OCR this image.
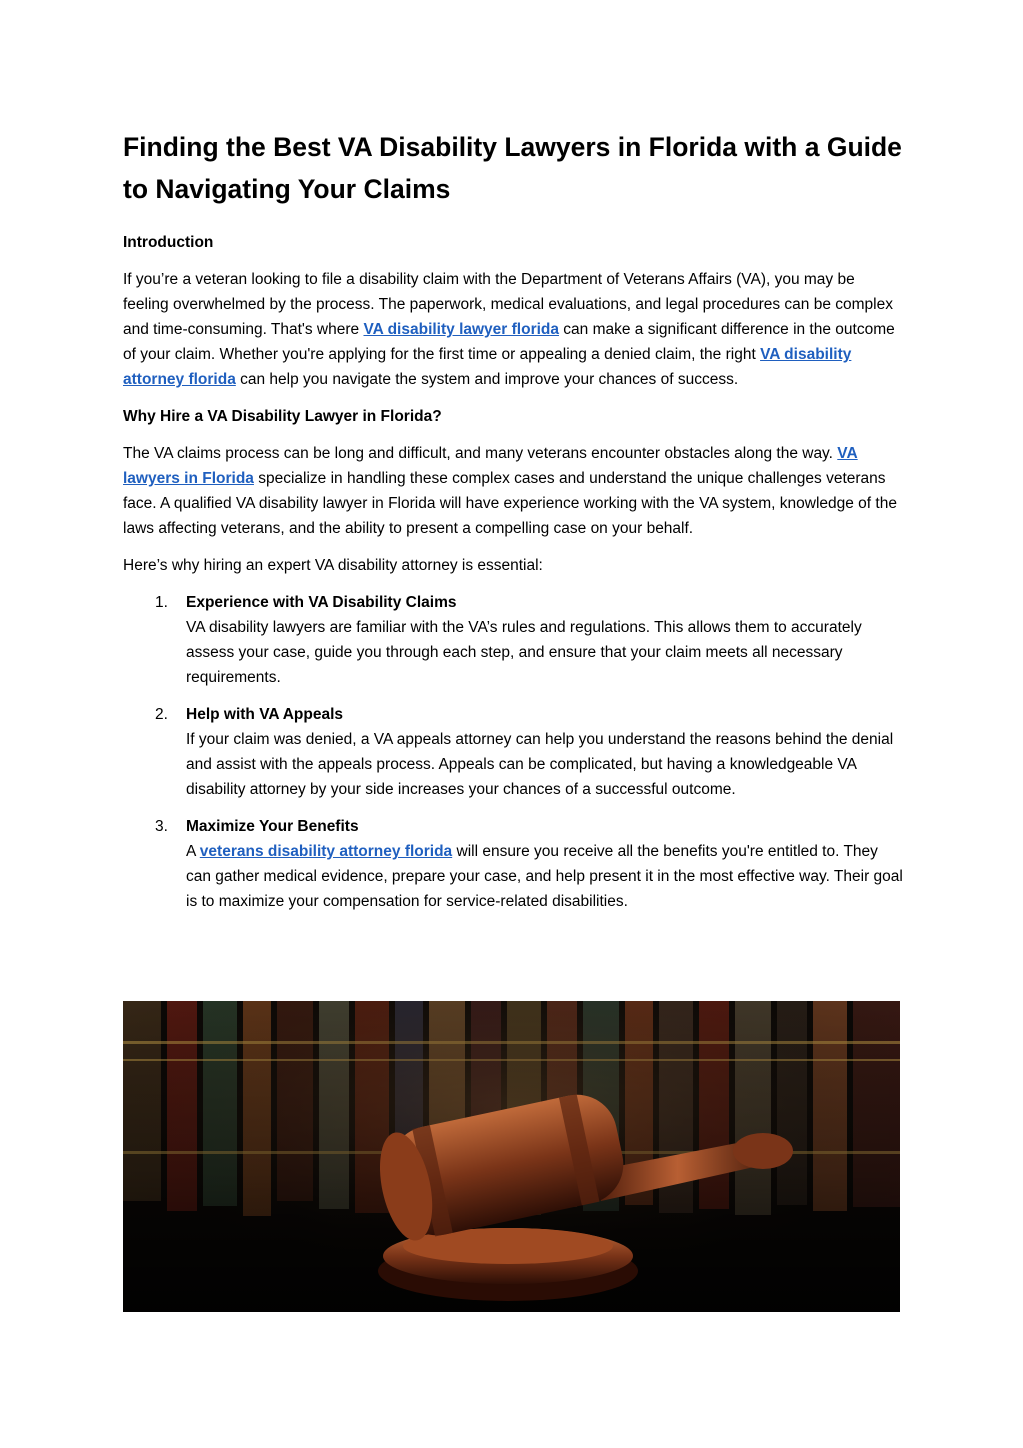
Finding the Best VA Disability Lawyers in Florida with a Guide to Navigating Your Claims
Introduction

If you’re a veteran looking to file a disability claim with the Department of Veterans Affairs (VA), you may be feeling overwhelmed by the process. The paperwork, medical evaluations, and legal procedures can be complex and time-consuming. That's where VA disability lawyer florida can make a significant difference in the outcome of your claim. Whether you're applying for the first time or appealing a denied claim, the right VA disability attorney florida can help you navigate the system and improve your chances of success.

Why Hire a VA Disability Lawyer in Florida?

The VA claims process can be long and difficult, and many veterans encounter obstacles along the way. VA lawyers in Florida specialize in handling these complex cases and understand the unique challenges veterans face. A qualified VA disability lawyer in Florida will have experience working with the VA system, knowledge of the laws affecting veterans, and the ability to present a compelling case on your behalf.

Here’s why hiring an expert VA disability attorney is essential:

1. Experience with VA Disability Claims

VA disability lawyers are familiar with the VA’s rules and regulations. This allows them to accurately assess your case, guide you through each step, and ensure that your claim meets all necessary requirements.

2. Help with VA Appeals

If your claim was denied, a VA appeals attorney can help you understand the reasons behind the denial and assist with the appeals process. Appeals can be complicated, but having a knowledgeable VA disability attorney by your side increases your chances of a successful outcome.

3. Maximize Your Benefits

A veterans disability attorney florida will ensure you receive all the benefits you're entitled to. They can gather medical evidence, prepare your case, and help present it in the most effective way. Their goal is to maximize your compensation for service-related disabilities.
